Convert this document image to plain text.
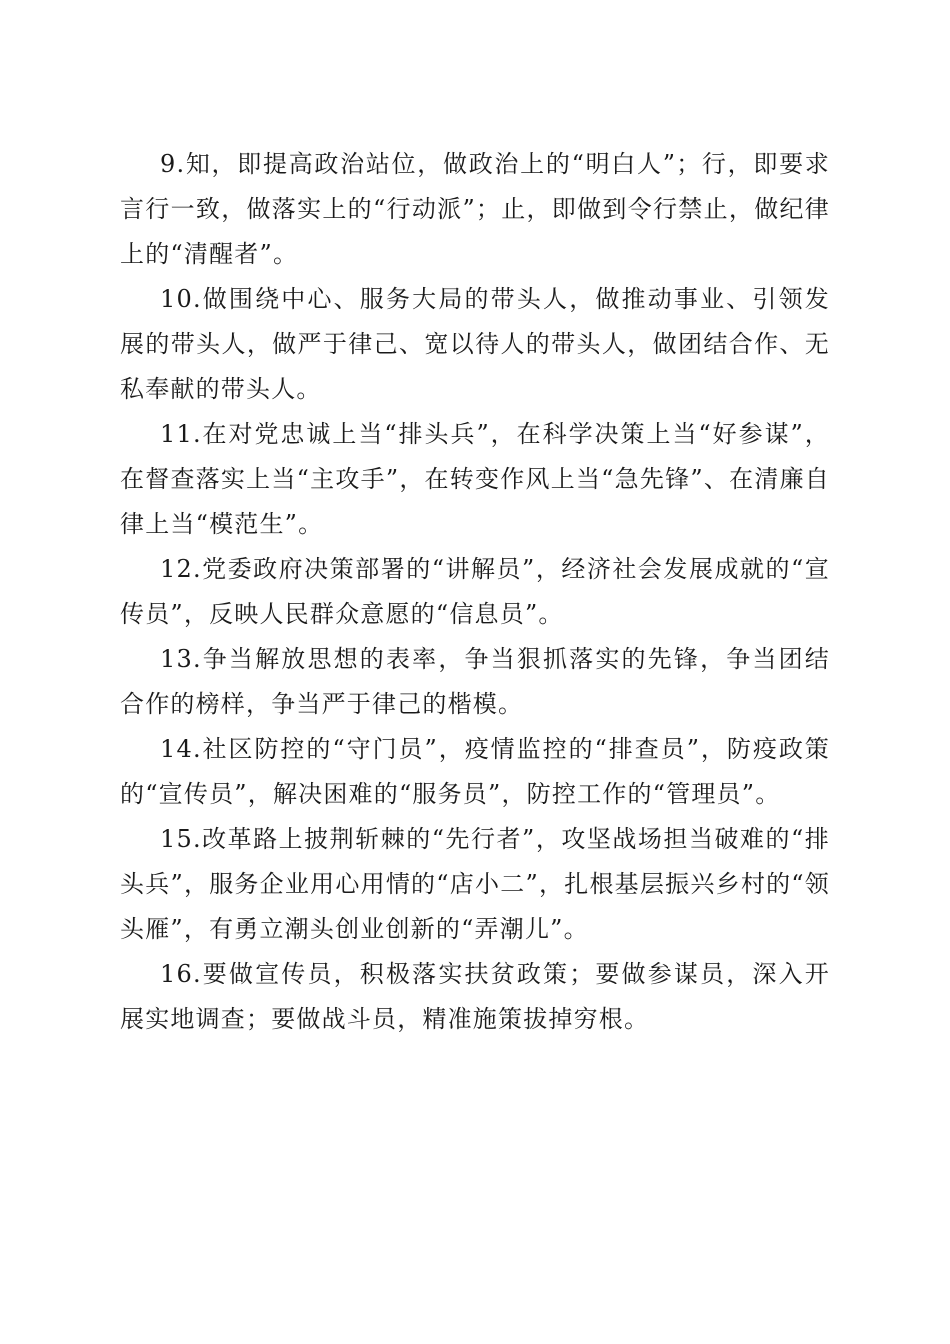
9.知，即提高政治站位，做政治上的“明白人”；行，即要求言行一致，做落实上的“行动派”；止，即做到令行禁止，做纪律上的“清醒者”。

10.做围绕中心、服务大局的带头人，做推动事业、引领发展的带头人，做严于律己、宽以待人的带头人，做团结合作、无私奉献的带头人。

11.在对党忠诚上当“排头兵”，在科学决策上当“好参谋”，在督查落实上当“主攻手”，在转变作风上当“急先锋”、在清廉自律上当“模范生”。

12.党委政府决策部署的“讲解员”，经济社会发展成就的“宣传员”，反映人民群众意愿的“信息员”。

13.争当解放思想的表率，争当狠抓落实的先锋，争当团结合作的榜样，争当严于律己的楷模。

14.社区防控的“守门员”，疫情监控的“排查员”，防疫政策的“宣传员”，解决困难的“服务员”，防控工作的“管理员”。

15.改革路上披荆斩棘的“先行者”，攻坚战场担当破难的“排头兵”，服务企业用心用情的“店小二”，扎根基层振兴乡村的“领头雁”，有勇立潮头创业创新的“弄潮儿”。

16.要做宣传员，积极落实扶贫政策；要做参谋员，深入开展实地调查；要做战斗员，精准施策拔掉穷根。
